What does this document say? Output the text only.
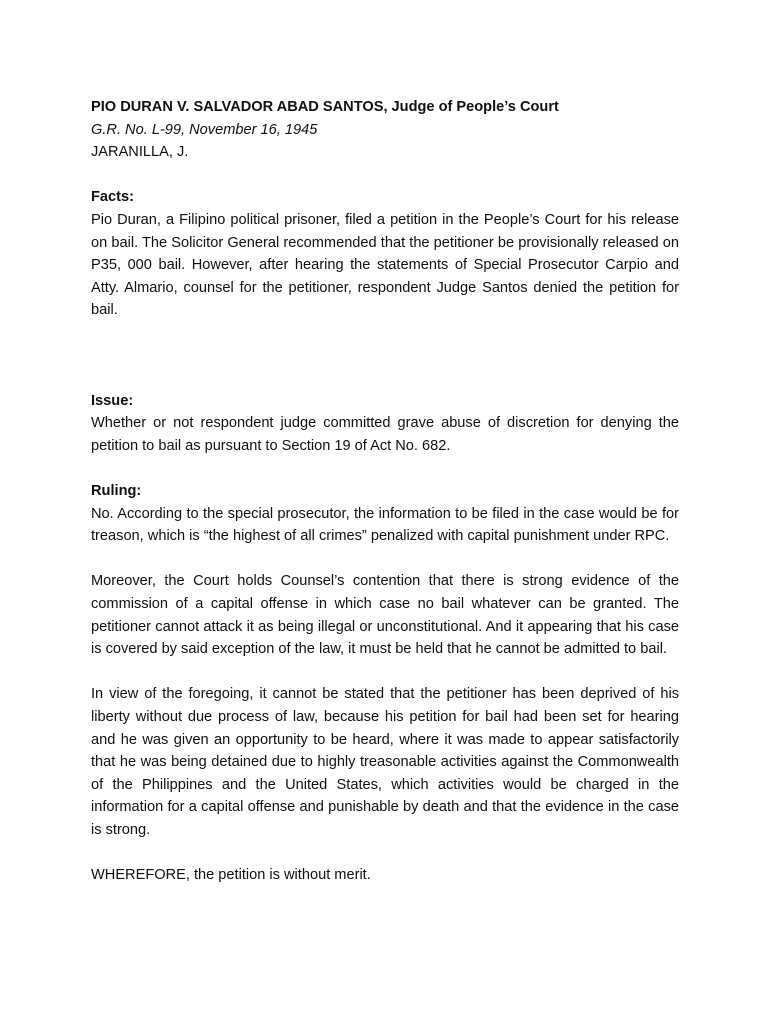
PIO DURAN V. SALVADOR ABAD SANTOS, Judge of People’s Court
G.R. No. L-99, November 16, 1945
JARANILLA, J.
Facts:

Pio Duran, a Filipino political prisoner, filed a petition in the People’s Court for his release on bail. The Solicitor General recommended that the petitioner be provisionally released on P35, 000 bail. However, after hearing the statements of Special Prosecutor Carpio and Atty. Almario, counsel for the petitioner, respondent Judge Santos denied the petition for bail.

Issue:

Whether or not respondent judge committed grave abuse of discretion for denying the petition to bail as pursuant to Section 19 of Act No. 682.

Ruling:

No. According to the special prosecutor, the information to be filed in the case would be for treason, which is “the highest of all crimes” penalized with capital punishment under RPC.

Moreover, the Court holds Counsel’s contention that there is strong evidence of the commission of a capital offense in which case no bail whatever can be granted. The petitioner cannot attack it as being illegal or unconstitutional. And it appearing that his case is covered by said exception of the law, it must be held that he cannot be admitted to bail.

In view of the foregoing, it cannot be stated that the petitioner has been deprived of his liberty without due process of law, because his petition for bail had been set for hearing and he was given an opportunity to be heard, where it was made to appear satisfactorily that he was being detained due to highly treasonable activities against the Commonwealth of the Philippines and the United States, which activities would be charged in the information for a capital offense and punishable by death and that the evidence in the case is strong.

WHEREFORE, the petition is without merit.
